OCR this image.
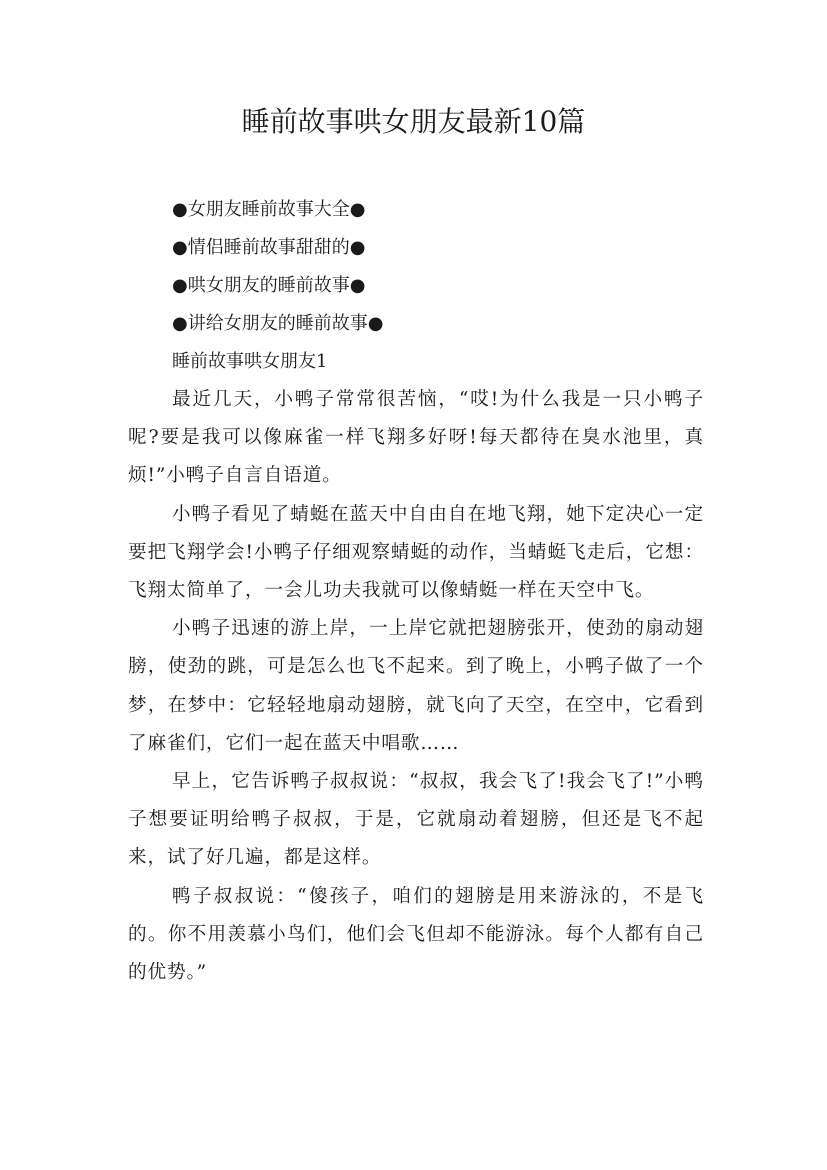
睡前故事哄女朋友最新10篇
●女朋友睡前故事大全●
●情侣睡前故事甜甜的●
●哄女朋友的睡前故事●
●讲给女朋友的睡前故事●
睡前故事哄女朋友1

最近几天，小鸭子常常很苦恼，“哎!为什么我是一只小鸭子呢?要是我可以像麻雀一样飞翔多好呀!每天都待在臭水池里，真烦!”小鸭子自言自语道。

小鸭子看见了蜻蜓在蓝天中自由自在地飞翔，她下定决心一定要把飞翔学会!小鸭子仔细观察蜻蜓的动作，当蜻蜓飞走后，它想：飞翔太简单了，一会儿功夫我就可以像蜻蜓一样在天空中飞。

小鸭子迅速的游上岸，一上岸它就把翅膀张开，使劲的扇动翅膀，使劲的跳，可是怎么也飞不起来。到了晚上，小鸭子做了一个梦，在梦中：它轻轻地扇动翅膀，就飞向了天空，在空中，它看到了麻雀们，它们一起在蓝天中唱歌……

早上，它告诉鸭子叔叔说：“叔叔，我会飞了!我会飞了!”小鸭子想要证明给鸭子叔叔，于是，它就扇动着翅膀，但还是飞不起来，试了好几遍，都是这样。

鸭子叔叔说：“傻孩子，咱们的翅膀是用来游泳的，不是飞的。你不用羡慕小鸟们，他们会飞但却不能游泳。每个人都有自己的优势。”
